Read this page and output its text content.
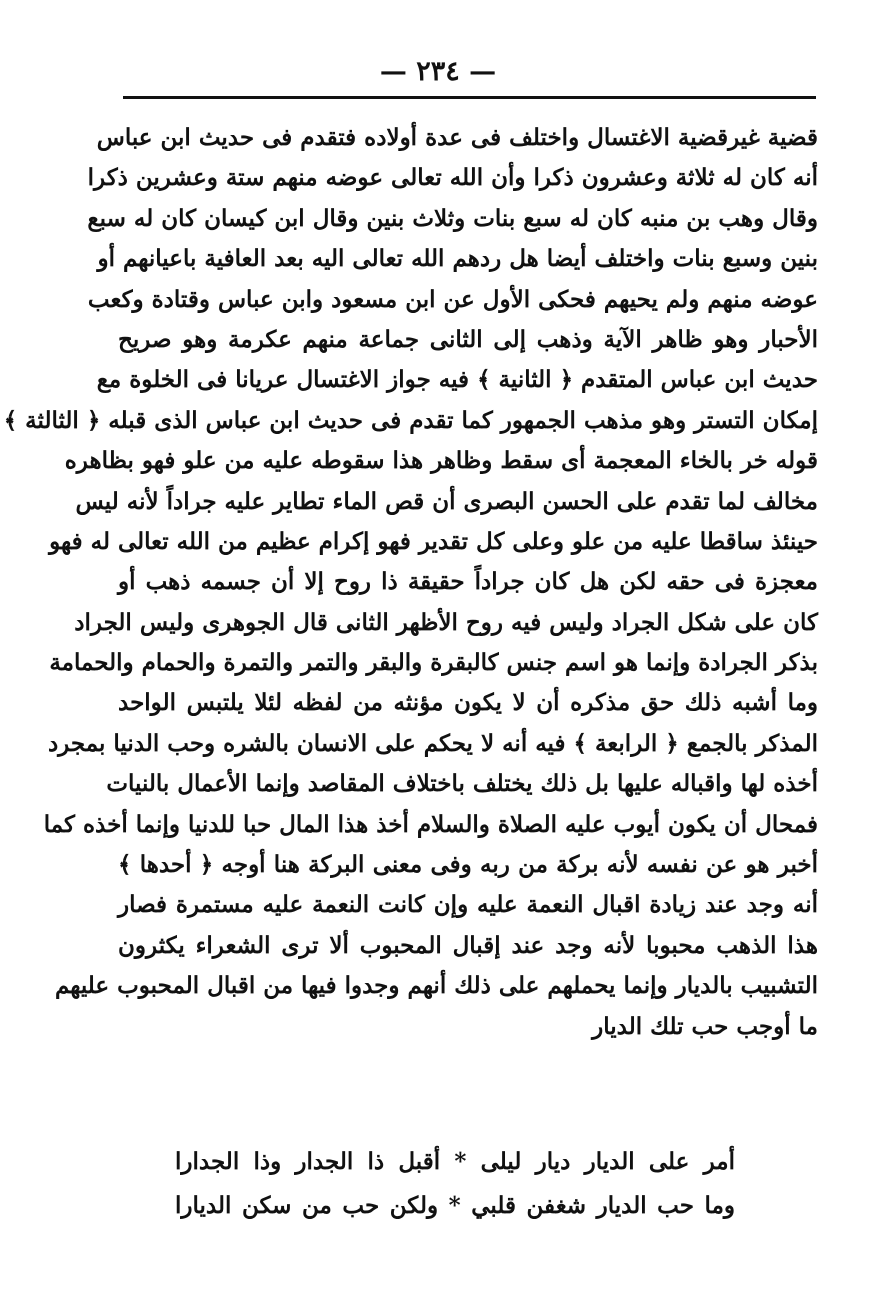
— ٢٣٤ —
قضية غيرقضية الاغتسال واختلف فى عدة أولاده فتقدم فى حديث ابن عباس
أنه كان له ثلاثة وعشرون ذكرا وأن الله تعالى عوضه منهم ستة وعشرين ذكرا
وقال وهب بن منبه كان له سبع بنات وثلاث بنين وقال ابن كيسان كان له سبع
بنين وسبع بنات واختلف أيضا هل ردهم الله تعالى اليه بعد العافية باعيانهم أو
عوضه منهم ولم يحيهم فحكى الأول عن ابن مسعود وابن عباس وقتادة وكعب
الأحبار وهو ظاهر الآية وذهب إلى الثانى جماعة منهم عكرمة وهو صريح
حديث ابن عباس المتقدم ﴿ الثانية ﴾ فيه جواز الاغتسال عريانا فى الخلوة مع
إمكان التستر وهو مذهب الجمهور كما تقدم فى حديث ابن عباس الذى قبله ﴿ الثالثة ﴾
قوله خر بالخاء المعجمة أى سقط وظاهر هذا سقوطه عليه من علو فهو بظاهره
مخالف لما تقدم على الحسن البصرى أن قص الماء تطاير عليه جراداً لأنه ليس
حينئذ ساقطا عليه من علو وعلى كل تقدير فهو إكرام عظيم من الله تعالى له فهو
معجزة فى حقه لكن هل كان جراداً حقيقة ذا روح إلا أن جسمه ذهب أو
كان على شكل الجراد وليس فيه روح الأظهر الثانى قال الجوهرى وليس الجراد
بذكر الجرادة وإنما هو اسم جنس كالبقرة والبقر والتمر والتمرة والحمام والحمامة
وما أشبه ذلك حق مذكره أن لا يكون مؤنثه من لفظه لئلا يلتبس الواحد
المذكر بالجمع ﴿ الرابعة ﴾ فيه أنه لا يحكم على الانسان بالشره وحب الدنيا بمجرد
أخذه لها واقباله عليها بل ذلك يختلف باختلاف المقاصد وإنما الأعمال بالنيات
فمحال أن يكون أيوب عليه الصلاة والسلام أخذ هذا المال حبا للدنيا وإنما أخذه كما
أخبر هو عن نفسه لأنه بركة من ربه وفى معنى البركة هنا أوجه ﴿ أحدها ﴾
أنه وجد عند زيادة اقبال النعمة عليه وإن كانت النعمة عليه مستمرة فصار
هذا الذهب محبوبا لأنه وجد عند إقبال المحبوب ألا ترى الشعراء يكثرون
التشبيب بالديار وإنما يحملهم على ذلك أنهم وجدوا فيها من اقبال المحبوب عليهم
ما أوجب حب تلك الديار
أمر على الديار ديار ليلى * أقبل ذا الجدار وذا الجدارا
وما حب الديار شغفن قلبي * ولكن حب من سكن الديارا
